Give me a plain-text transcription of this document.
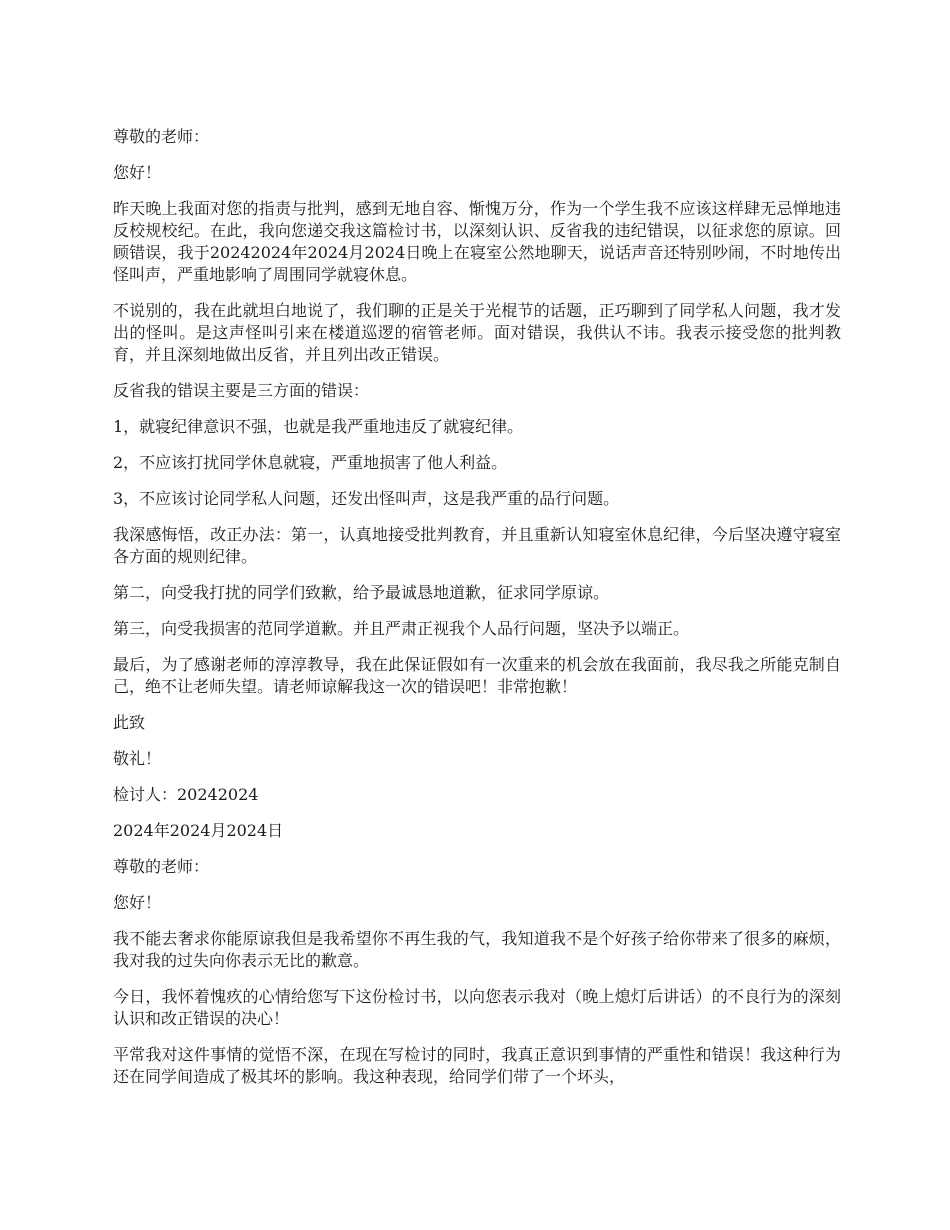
尊敬的老师：

您好！

昨天晚上我面对您的指责与批判，感到无地自容、惭愧万分，作为一个学生我不应该这样肆无忌惮地违反校规校纪。在此，我向您递交我这篇检讨书，以深刻认识、反省我的违纪错误，以征求您的原谅。回顾错误，我于20242024年2024月2024日晚上在寝室公然地聊天，说话声音还特别吵闹，不时地传出怪叫声，严重地影响了周围同学就寝休息。

不说别的，我在此就坦白地说了，我们聊的正是关于光棍节的话题，正巧聊到了同学私人问题，我才发出的怪叫。是这声怪叫引来在楼道巡逻的宿管老师。面对错误，我供认不讳。我表示接受您的批判教育，并且深刻地做出反省，并且列出改正错误。

反省我的错误主要是三方面的错误：

1，就寝纪律意识不强，也就是我严重地违反了就寝纪律。

2，不应该打扰同学休息就寝，严重地损害了他人利益。

3，不应该讨论同学私人问题，还发出怪叫声，这是我严重的品行问题。

我深感悔悟，改正办法：第一，认真地接受批判教育，并且重新认知寝室休息纪律，今后坚决遵守寝室各方面的规则纪律。

第二，向受我打扰的同学们致歉，给予最诚恳地道歉，征求同学原谅。

第三，向受我损害的范同学道歉。并且严肃正视我个人品行问题，坚决予以端正。

最后，为了感谢老师的淳淳教导，我在此保证假如有一次重来的机会放在我面前，我尽我之所能克制自己，绝不让老师失望。请老师谅解我这一次的错误吧！非常抱歉！

此致

敬礼！

检讨人：20242024

2024年2024月2024日

尊敬的老师：

您好！

我不能去奢求你能原谅我但是我希望你不再生我的气，我知道我不是个好孩子给你带来了很多的麻烦，我对我的过失向你表示无比的歉意。

今日，我怀着愧疚的心情给您写下这份检讨书，以向您表示我对（晚上熄灯后讲话）的不良行为的深刻认识和改正错误的决心！

平常我对这件事情的觉悟不深，在现在写检讨的同时，我真正意识到事情的严重性和错误！我这种行为还在同学间造成了极其坏的影响。我这种表现，给同学们带了一个坏头，
